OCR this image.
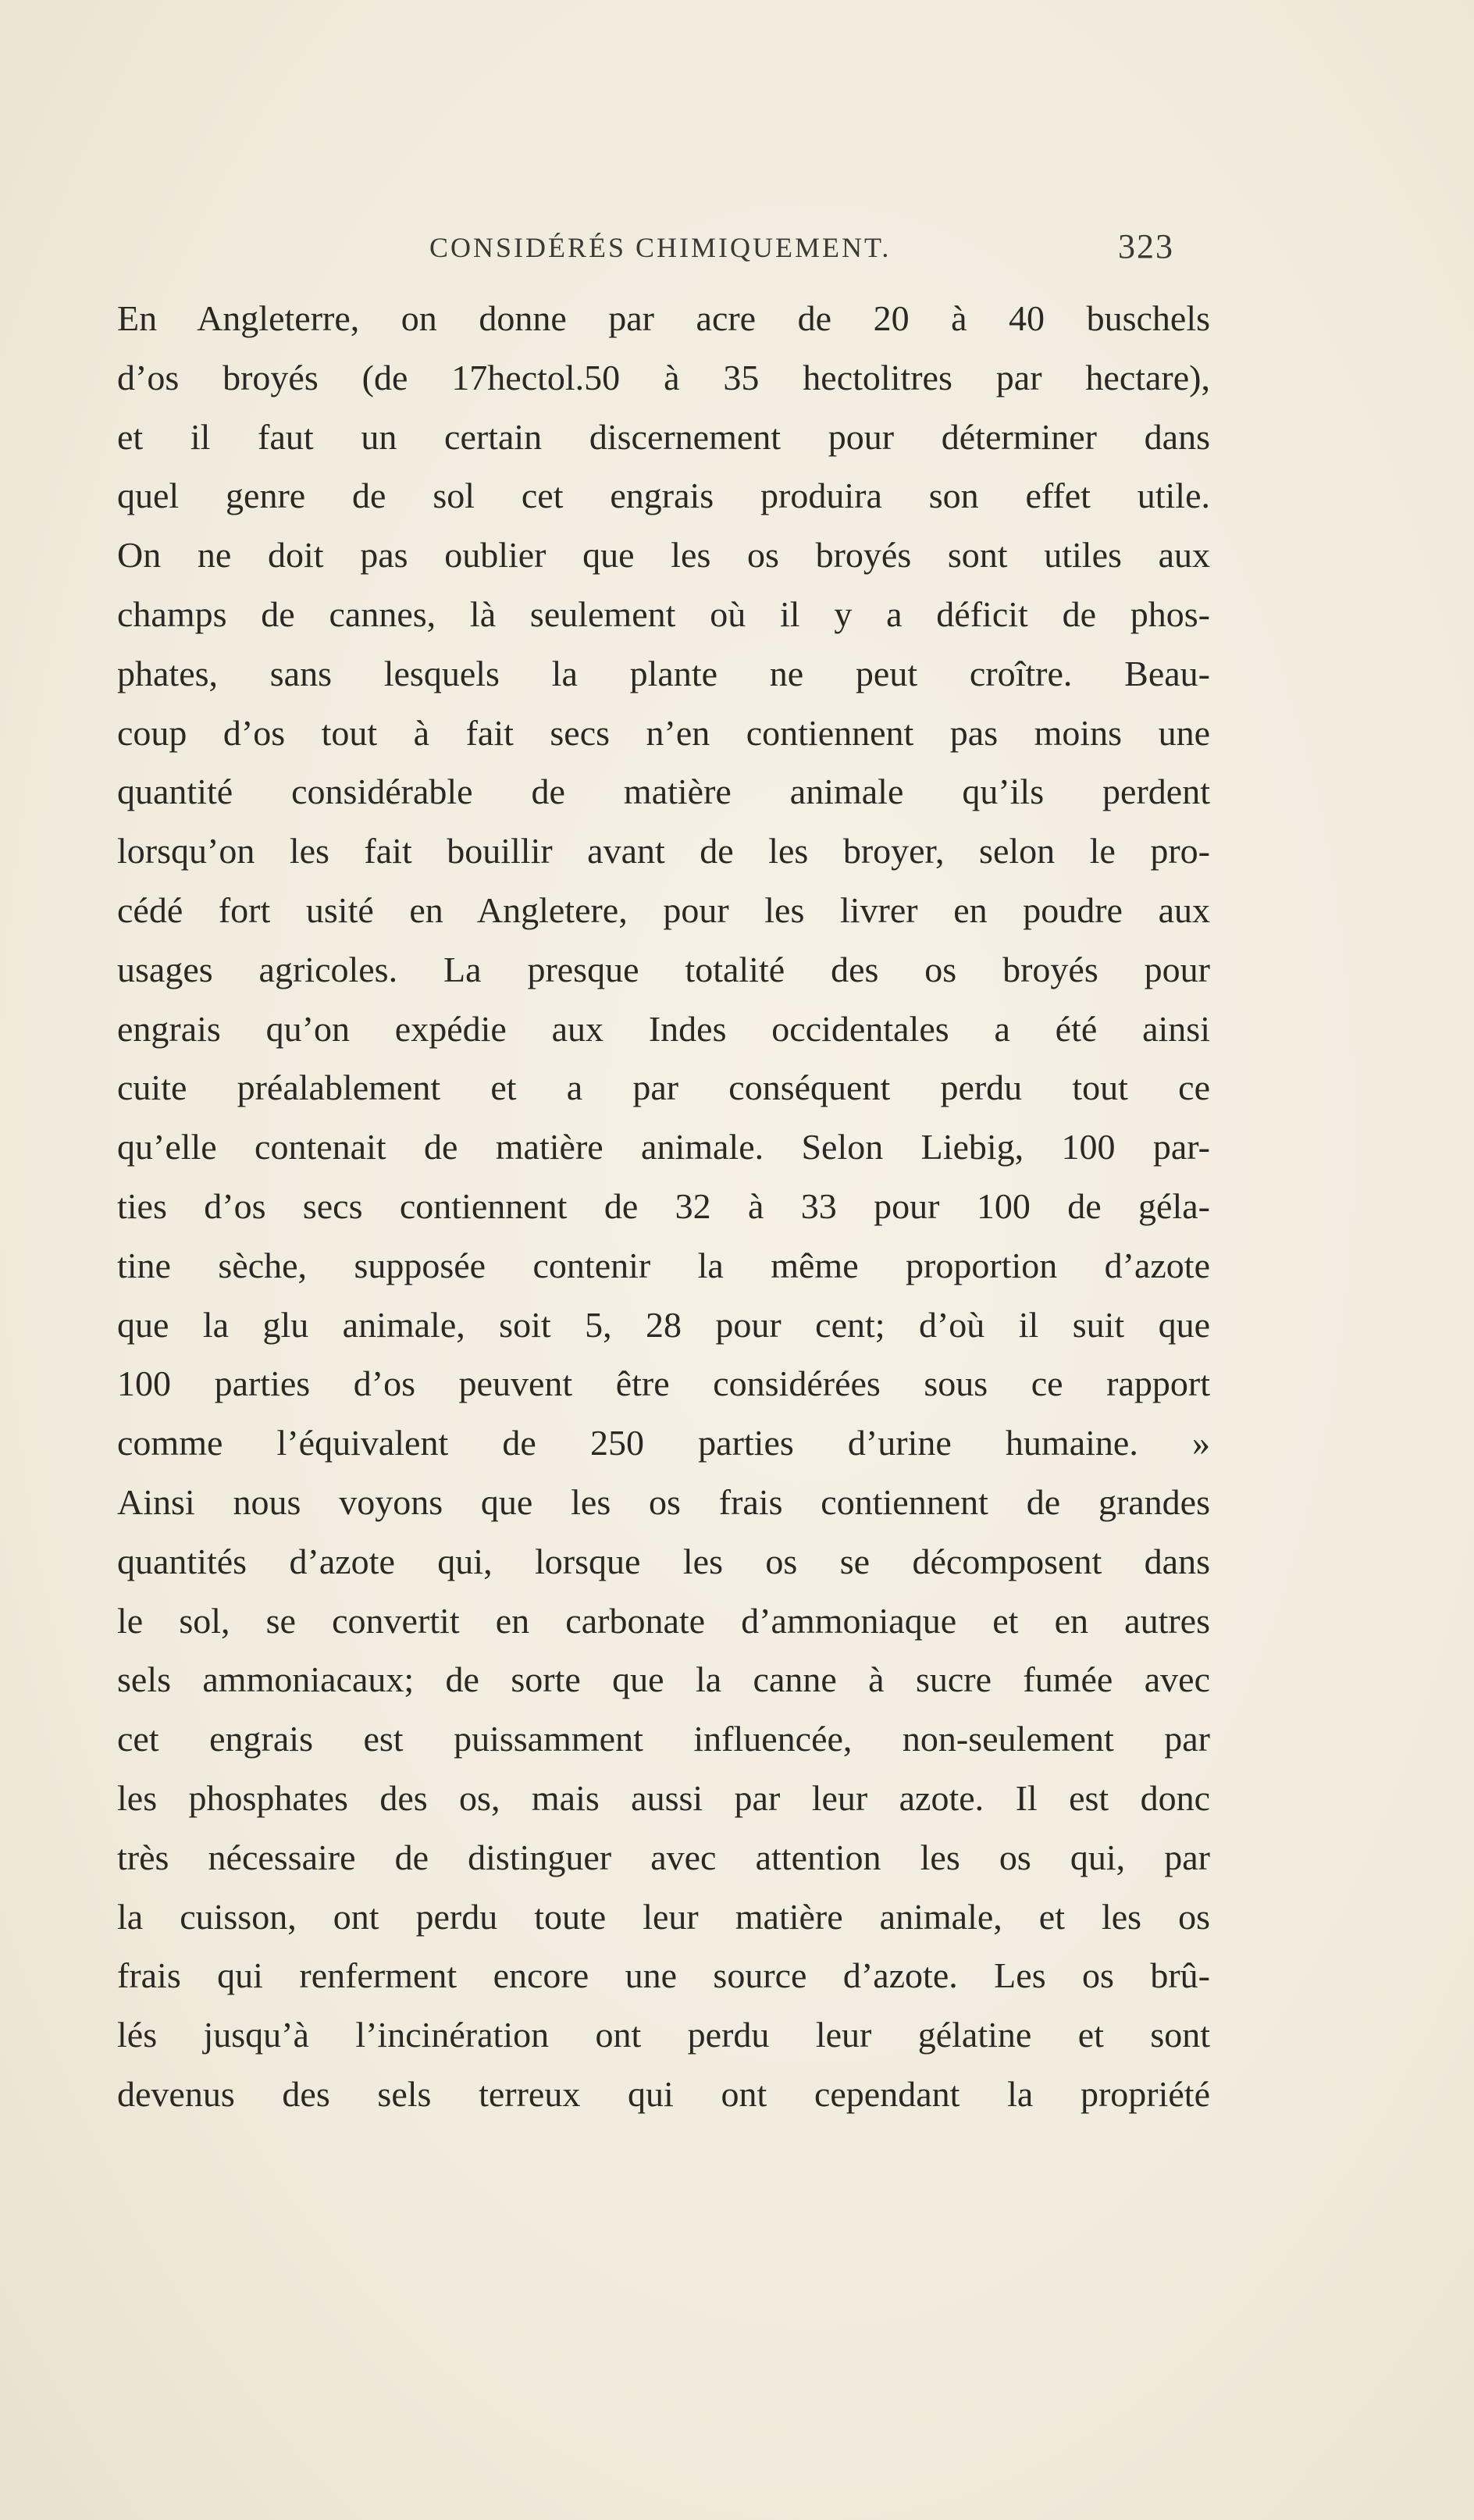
CONSIDÉRÉS CHIMIQUEMENT.	323
En Angleterre, on donne par acre de 20 à 40 buschels
d’os broyés (de 17hectol.50 à 35 hectolitres par hectare),
et il faut un certain discernement pour déterminer dans
quel genre de sol cet engrais produira son effet utile.
On ne doit pas oublier que les os broyés sont utiles aux
champs de cannes, là seulement où il y a déficit de phos-
phates, sans lesquels la plante ne peut croître. Beau-
coup d’os tout à fait secs n’en contiennent pas moins une
quantité considérable de matière animale qu’ils perdent
lorsqu’on les fait bouillir avant de les broyer, selon le pro-
cédé fort usité en Angletere, pour les livrer en poudre aux
usages agricoles. La presque totalité des os broyés pour
engrais qu’on expédie aux Indes occidentales a été ainsi
cuite préalablement et a par conséquent perdu tout ce
qu’elle contenait de matière animale. Selon Liebig, 100 par-
ties d’os secs contiennent de 32 à 33 pour 100 de géla-
tine sèche, supposée contenir la même proportion d’azote
que la glu animale, soit 5, 28 pour cent; d’où il suit que
100 parties d’os peuvent être considérées sous ce rapport
comme l’équivalent de 250 parties d’urine humaine. »
Ainsi nous voyons que les os frais contiennent de grandes
quantités d’azote qui, lorsque les os se décomposent dans
le sol, se convertit en carbonate d’ammoniaque et en autres
sels ammoniacaux; de sorte que la canne à sucre fumée avec
cet engrais est puissamment influencée, non-seulement par
les phosphates des os, mais aussi par leur azote. Il est donc
très nécessaire de distinguer avec attention les os qui, par
la cuisson, ont perdu toute leur matière animale, et les os
frais qui renferment encore une source d’azote. Les os brû-
lés jusqu’à l’incinération ont perdu leur gélatine et sont
devenus des sels terreux qui ont cependant la propriété
